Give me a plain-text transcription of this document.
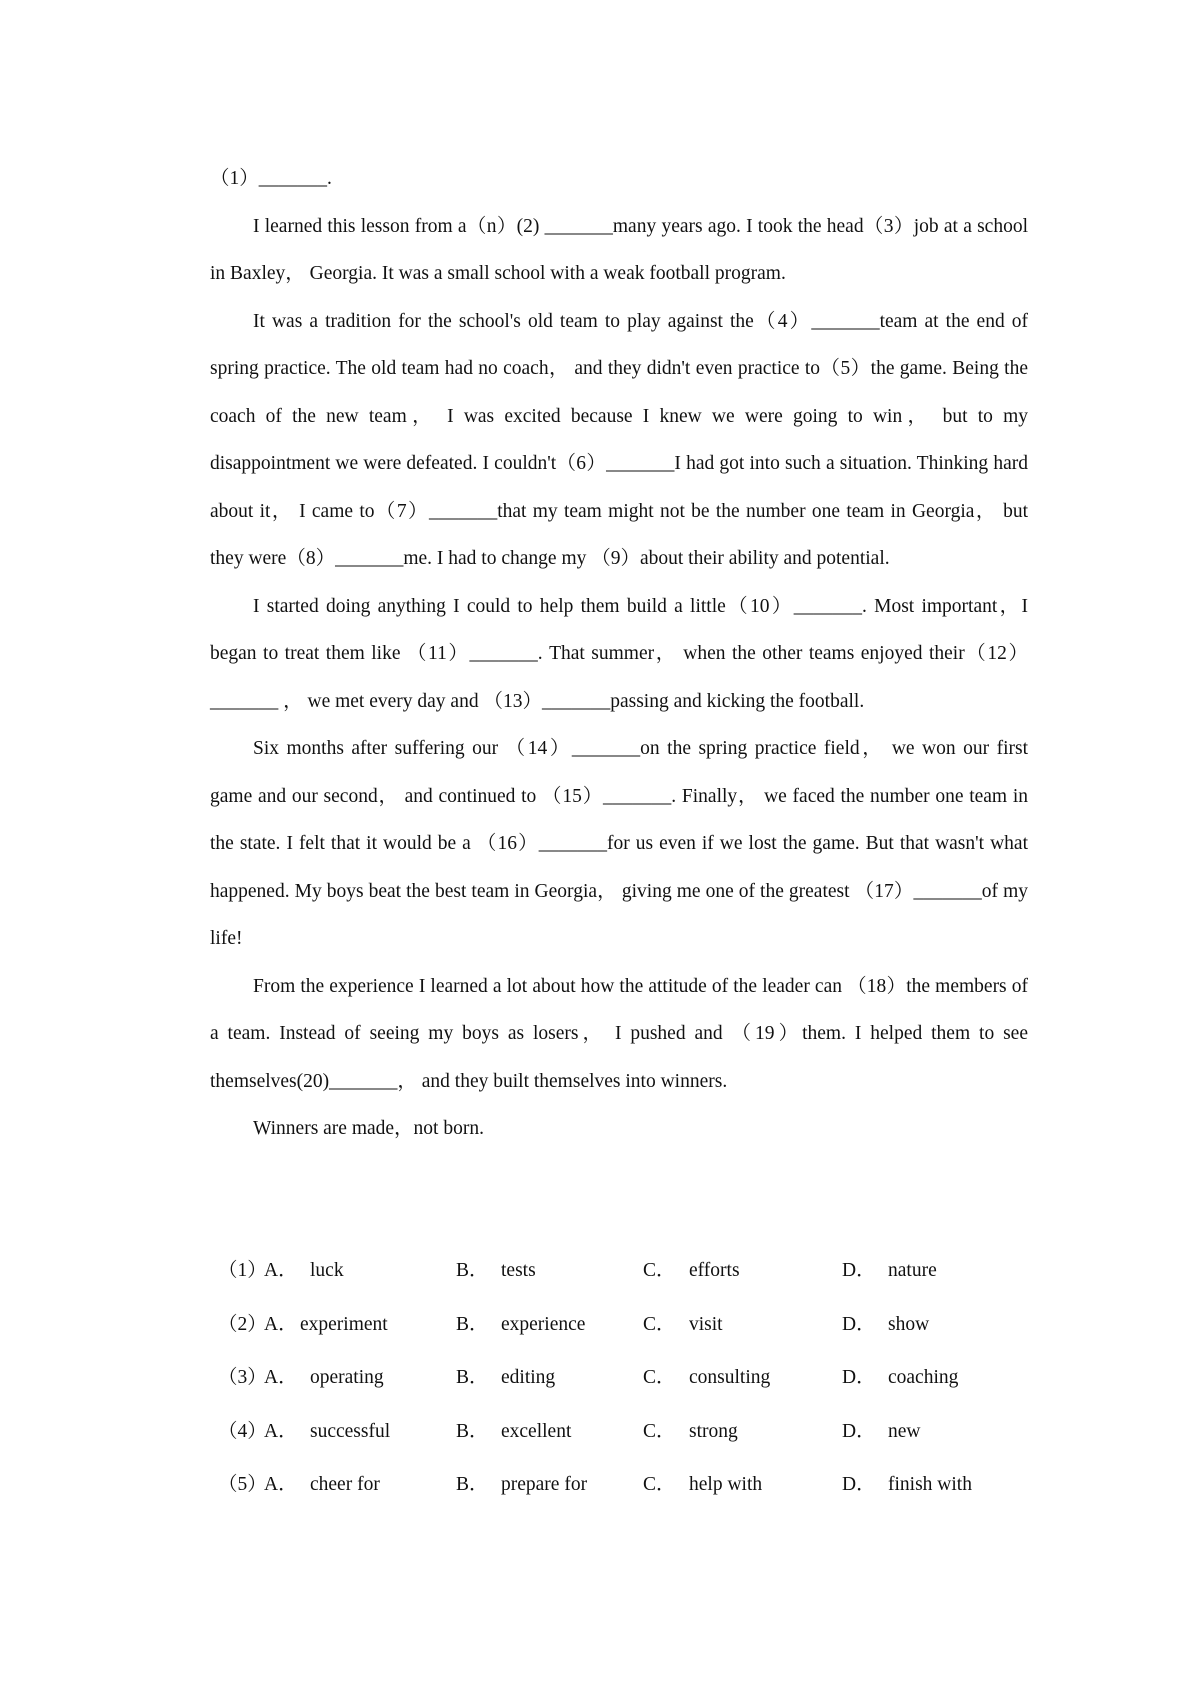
（1）_______.

I learned this lesson from a（n）(2) _______many years ago. I took the head（3）job at a school in Baxley， Georgia. It was a small school with a weak football program.

It was a tradition for the school's old team to play against the（4）_______team at the end of spring practice. The old team had no coach， and they didn't even practice to（5）the game. Being the coach of the new team， I was excited because I knew we were going to win， but to my disappointment we were defeated. I couldn't（6）_______I had got into such a situation. Thinking hard about it， I came to（7）_______that my team might not be the number one team in Georgia， but they were（8）_______me. I had to change my （9）about their ability and potential.

I started doing anything I could to help them build a little（10）_______. Most important，I began to treat them like （11）_______. That summer， when the other teams enjoyed their（12）_______ ， we met every day and （13）_______passing and kicking the football.

Six months after suffering our （14）_______on the spring practice field， we won our first game and our second， and continued to （15）_______. Finally， we faced the number one team in the state. I felt that it would be a （16）_______for us even if we lost the game. But that wasn't what happened. My boys beat the best team in Georgia， giving me one of the greatest （17）_______of my life!

From the experience I learned a lot about how the attitude of the leader can （18）the members of a team. Instead of seeing my boys as losers， I pushed and （19）them. I helped them to see themselves(20)_______， and they built themselves into winners.

Winners are made，not born.

（1）
A． luck	B． tests	C． efforts	D． nature
（2）
A． experiment	B． experience	C． visit	D． show
（3）
A． operating	B． editing	C． consulting	D． coaching
（4）
A． successful	B． excellent	C． strong	D． new
（5）
A． cheer for	B． prepare for	C． help with	D． finish with
